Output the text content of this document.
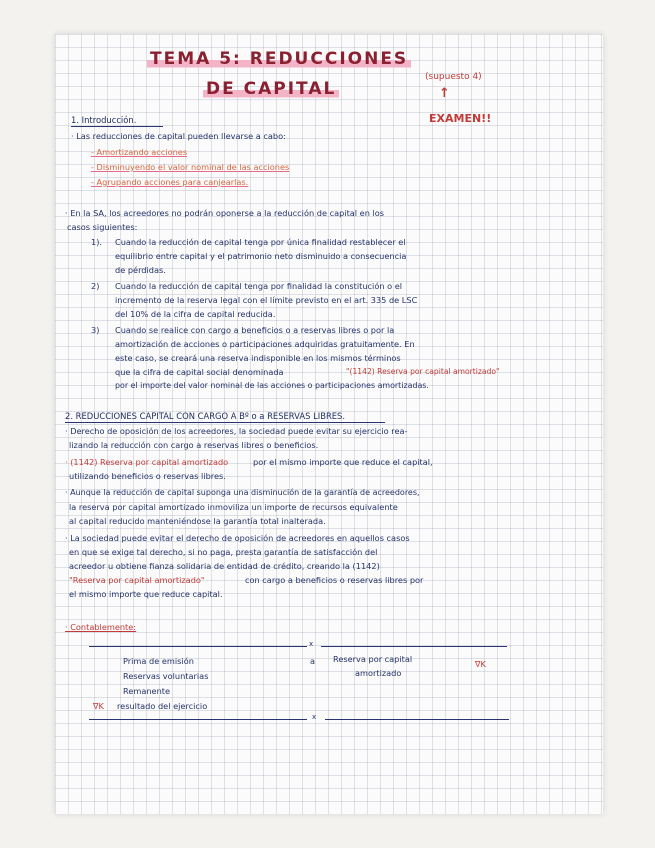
TEMA 5: REDUCCIONES
DE CAPITAL
(supuesto 4)
↑
EXAMEN!!
1. Introducción.
· Las reducciones de capital pueden llevarse a cabo:
- Amortizando acciones
- Disminuyendo el valor nominal de las acciones
- Agrupando acciones para canjearlas.
· En la SA, los acreedores no podrán oponerse a la reducción de capital en los
casos siguientes:
1). Cuando la reducción de capital tenga por única finalidad restablecer el
equilibrio entre capital y el patrimonio neto disminuido a consecuencia
de pérdidas.
2) Cuando la reducción de capital tenga por finalidad la constitución o el
incremento de la reserva legal con el límite previsto en el art. 335 de LSC
del 10% de la cifra de capital reducida.
3) Cuando se realice con cargo a beneficios o a reservas libres o por la
amortización de acciones o participaciones adquiridas gratuitamente. En
este caso, se creará una reserva indisponible en los mismos términos
que la cifra de capital social denominada	"(1142) Reserva por capital amortizado"
por el importe del valor nominal de las acciones o participaciones amortizadas.
2. REDUCCIONES CAPITAL CON CARGO A Bº o a RESERVAS LIBRES.
· Derecho de oposición de los acreedores, la sociedad puede evitar su ejercicio rea-
lizando la reducción con cargo a reservas libres o beneficios.
· (1142) Reserva por capital amortizado	por el mismo importe que reduce el capital,
utilizando beneficios o reservas libres.
· Aunque la reducción de capital suponga una disminución de la garantía de acreedores,
la reserva por capital amortizado inmoviliza un importe de recursos equivalente
al capital reducido manteniéndose la garantía total inalterada.
· La sociedad puede evitar el derecho de oposición de acreedores en aquellos casos
en que se exige tal derecho, si no paga, presta garantía de satisfacción del
acreedor u obtiene fianza solidaria de entidad de crédito, creando la (1142)
"Reserva por capital amortizado"	con cargo a beneficios o reservas libres por
el mismo importe que reduce capital.
· Contablemente:
x
Prima de emisión
Reservas voluntarias
Remanente
∇K resultado del ejercicio
a Reserva por capital
amortizado
∇K
x
